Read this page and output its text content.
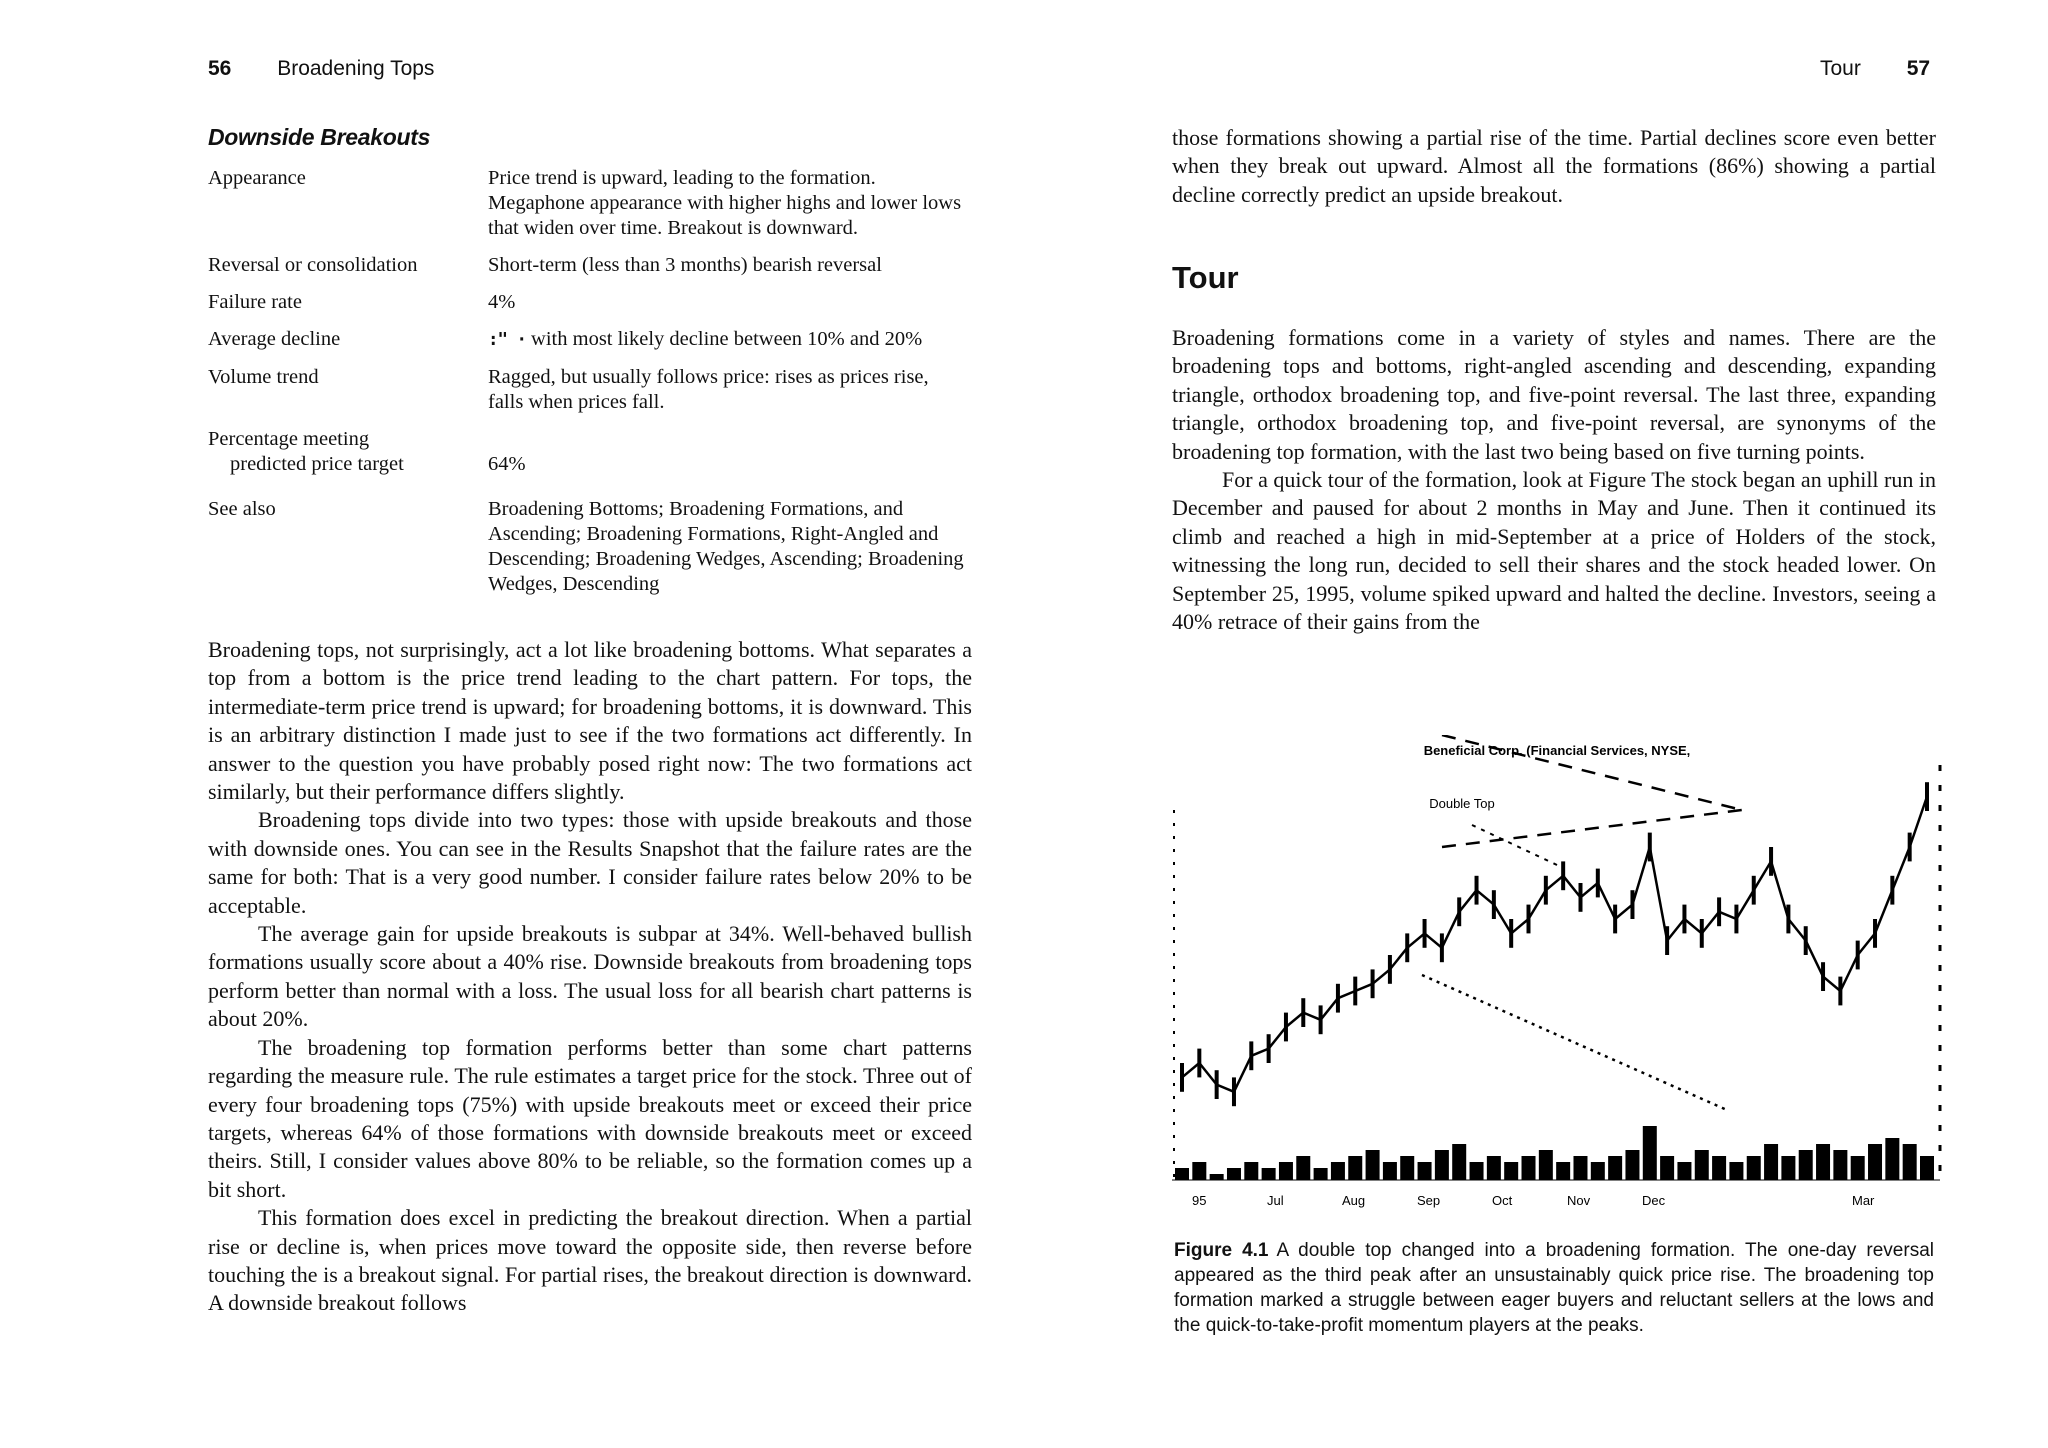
56 Broadening Tops
Downside Breakouts
Appearance	Price trend is upward, leading to the formation. Megaphone appearance with higher highs and lower lows that widen over time. Breakout is downward.
Reversal or consolidation	Short-term (less than 3 months) bearish reversal
Failure rate	4%
Average decline	:" · with most likely decline between 10% and 20%
Volume trend	Ragged, but usually follows price: rises as prices rise, falls when prices fall.
Percentage meeting
predicted price target	64%
See also	Broadening Bottoms; Broadening Formations, and Ascending; Broadening Formations, Right-Angled and Descending; Broadening Wedges, Ascending; Broadening Wedges, Descending

Broadening tops, not surprisingly, act a lot like broadening bottoms. What separates a top from a bottom is the price trend leading to the chart pattern. For tops, the intermediate-term price trend is upward; for broadening bottoms, it is downward. This is an arbitrary distinction I made just to see if the two formations act differently. In answer to the question you have probably posed right now: The two formations act similarly, but their performance differs slightly.

Broadening tops divide into two types: those with upside breakouts and those with downside ones. You can see in the Results Snapshot that the failure rates are the same for both: That is a very good number. I consider failure rates below 20% to be acceptable.

The average gain for upside breakouts is subpar at 34%. Well-behaved bullish formations usually score about a 40% rise. Downside breakouts from broadening tops perform better than normal with a loss. The usual loss for all bearish chart patterns is about 20%.

The broadening top formation performs better than some chart patterns regarding the measure rule. The rule estimates a target price for the stock. Three out of every four broadening tops (75%) with upside breakouts meet or exceed their price targets, whereas 64% of those formations with downside breakouts meet or exceed theirs. Still, I consider values above 80% to be reliable, so the formation comes up a bit short.

This formation does excel in predicting the breakout direction. When a partial rise or decline is, when prices move toward the opposite side, then reverse before touching the is a breakout signal. For partial rises, the breakout direction is downward. A downside breakout follows

Tour 57

those formations showing a partial rise of the time. Partial declines score even better when they break out upward. Almost all the formations (86%) showing a partial decline correctly predict an upside breakout.

Tour

Broadening formations come in a variety of styles and names. There are the broadening tops and bottoms, right-angled ascending and descending, expanding triangle, orthodox broadening top, and five-point reversal. The last three, expanding triangle, orthodox broadening top, and five-point reversal, are synonyms of the broadening top formation, with the last two being based on five turning points.

For a quick tour of the formation, look at Figure The stock began an uphill run in December and paused for about 2 months in May and June. Then it continued its climb and reached a high in mid-September at a price of Holders of the stock, witnessing the long run, decided to sell their shares and the stock headed lower. On September 25, 1995, volume spiked upward and halted the decline. Investors, seeing a 40% retrace of their gains from the

Beneficial Corp. (Financial Services, NYSE,
Double Top
95	Jul	Aug	Sep	Oct	Nov	Dec	Mar
Figure 4.1 A double top changed into a broadening formation. The one-day reversal appeared as the third peak after an unsustainably quick price rise. The broadening top formation marked a struggle between eager buyers and reluctant sellers at the lows and the quick-to-take-profit momentum players at the peaks.
